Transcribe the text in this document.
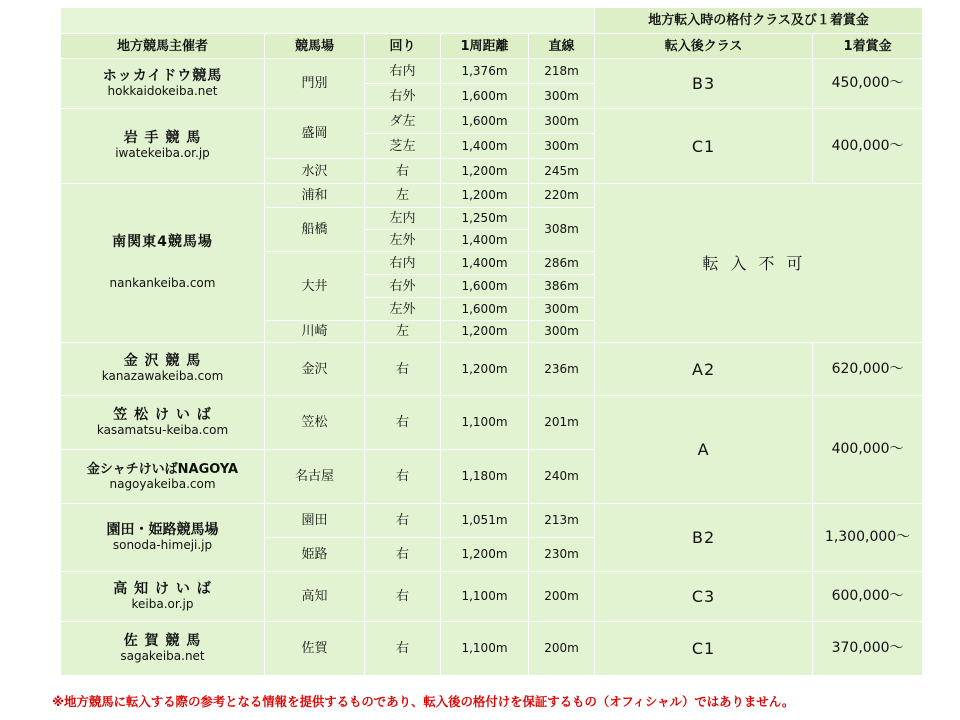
					地方転入時の格付クラス及び１着賞金	
地方競馬主催者	競馬場	回り	1周距離	直線	転入後クラス	1着賞金

ホッカイドウ競馬
hokkaidokeiba.net	門別	右内	1,376m	218m	B3	450,000～
		右外	1,600m	300m		

岩 手 競 馬
iwatekeiba.or.jp	盛岡	ダ左	1,600m	300m	C1	400,000～
		芝左	1,400m	300m		
	水沢	右	1,200m	245m		

南関東4競馬場
nankankeiba.com	浦和	左	1,200m	220m	転入不可	
	船橋	左内	1,250m	308m		
		左外	1,400m			
	大井	右内	1,400m	286m		
		右外	1,600m	386m		
		左外	1,600m	300m		
	川崎	左	1,200m	300m		

金 沢 競 馬
kanazawakeiba.com	金沢	右	1,200m	236m	A2	620,000～

笠 松 け い ば
kasamatsu-keiba.com	笠松	右	1,100m	201m	A	400,000～

金シャチけいばNAGOYA
nagoyakeiba.com	名古屋	右	1,180m	240m		

園田・姫路競馬場
sonoda-himeji.jp	園田	右	1,051m	213m	B2	1,300,000～
	姫路	右	1,200m	230m		

高 知 け い ば
keiba.or.jp	高知	右	1,100m	200m	C3	600,000～

佐 賀 競 馬
sagakeiba.net	佐賀	右	1,100m	200m	C1	370,000～
※地方競馬に転入する際の参考となる情報を提供するものであり、転入後の格付けを保証するもの（オフィシャル）ではありません。
